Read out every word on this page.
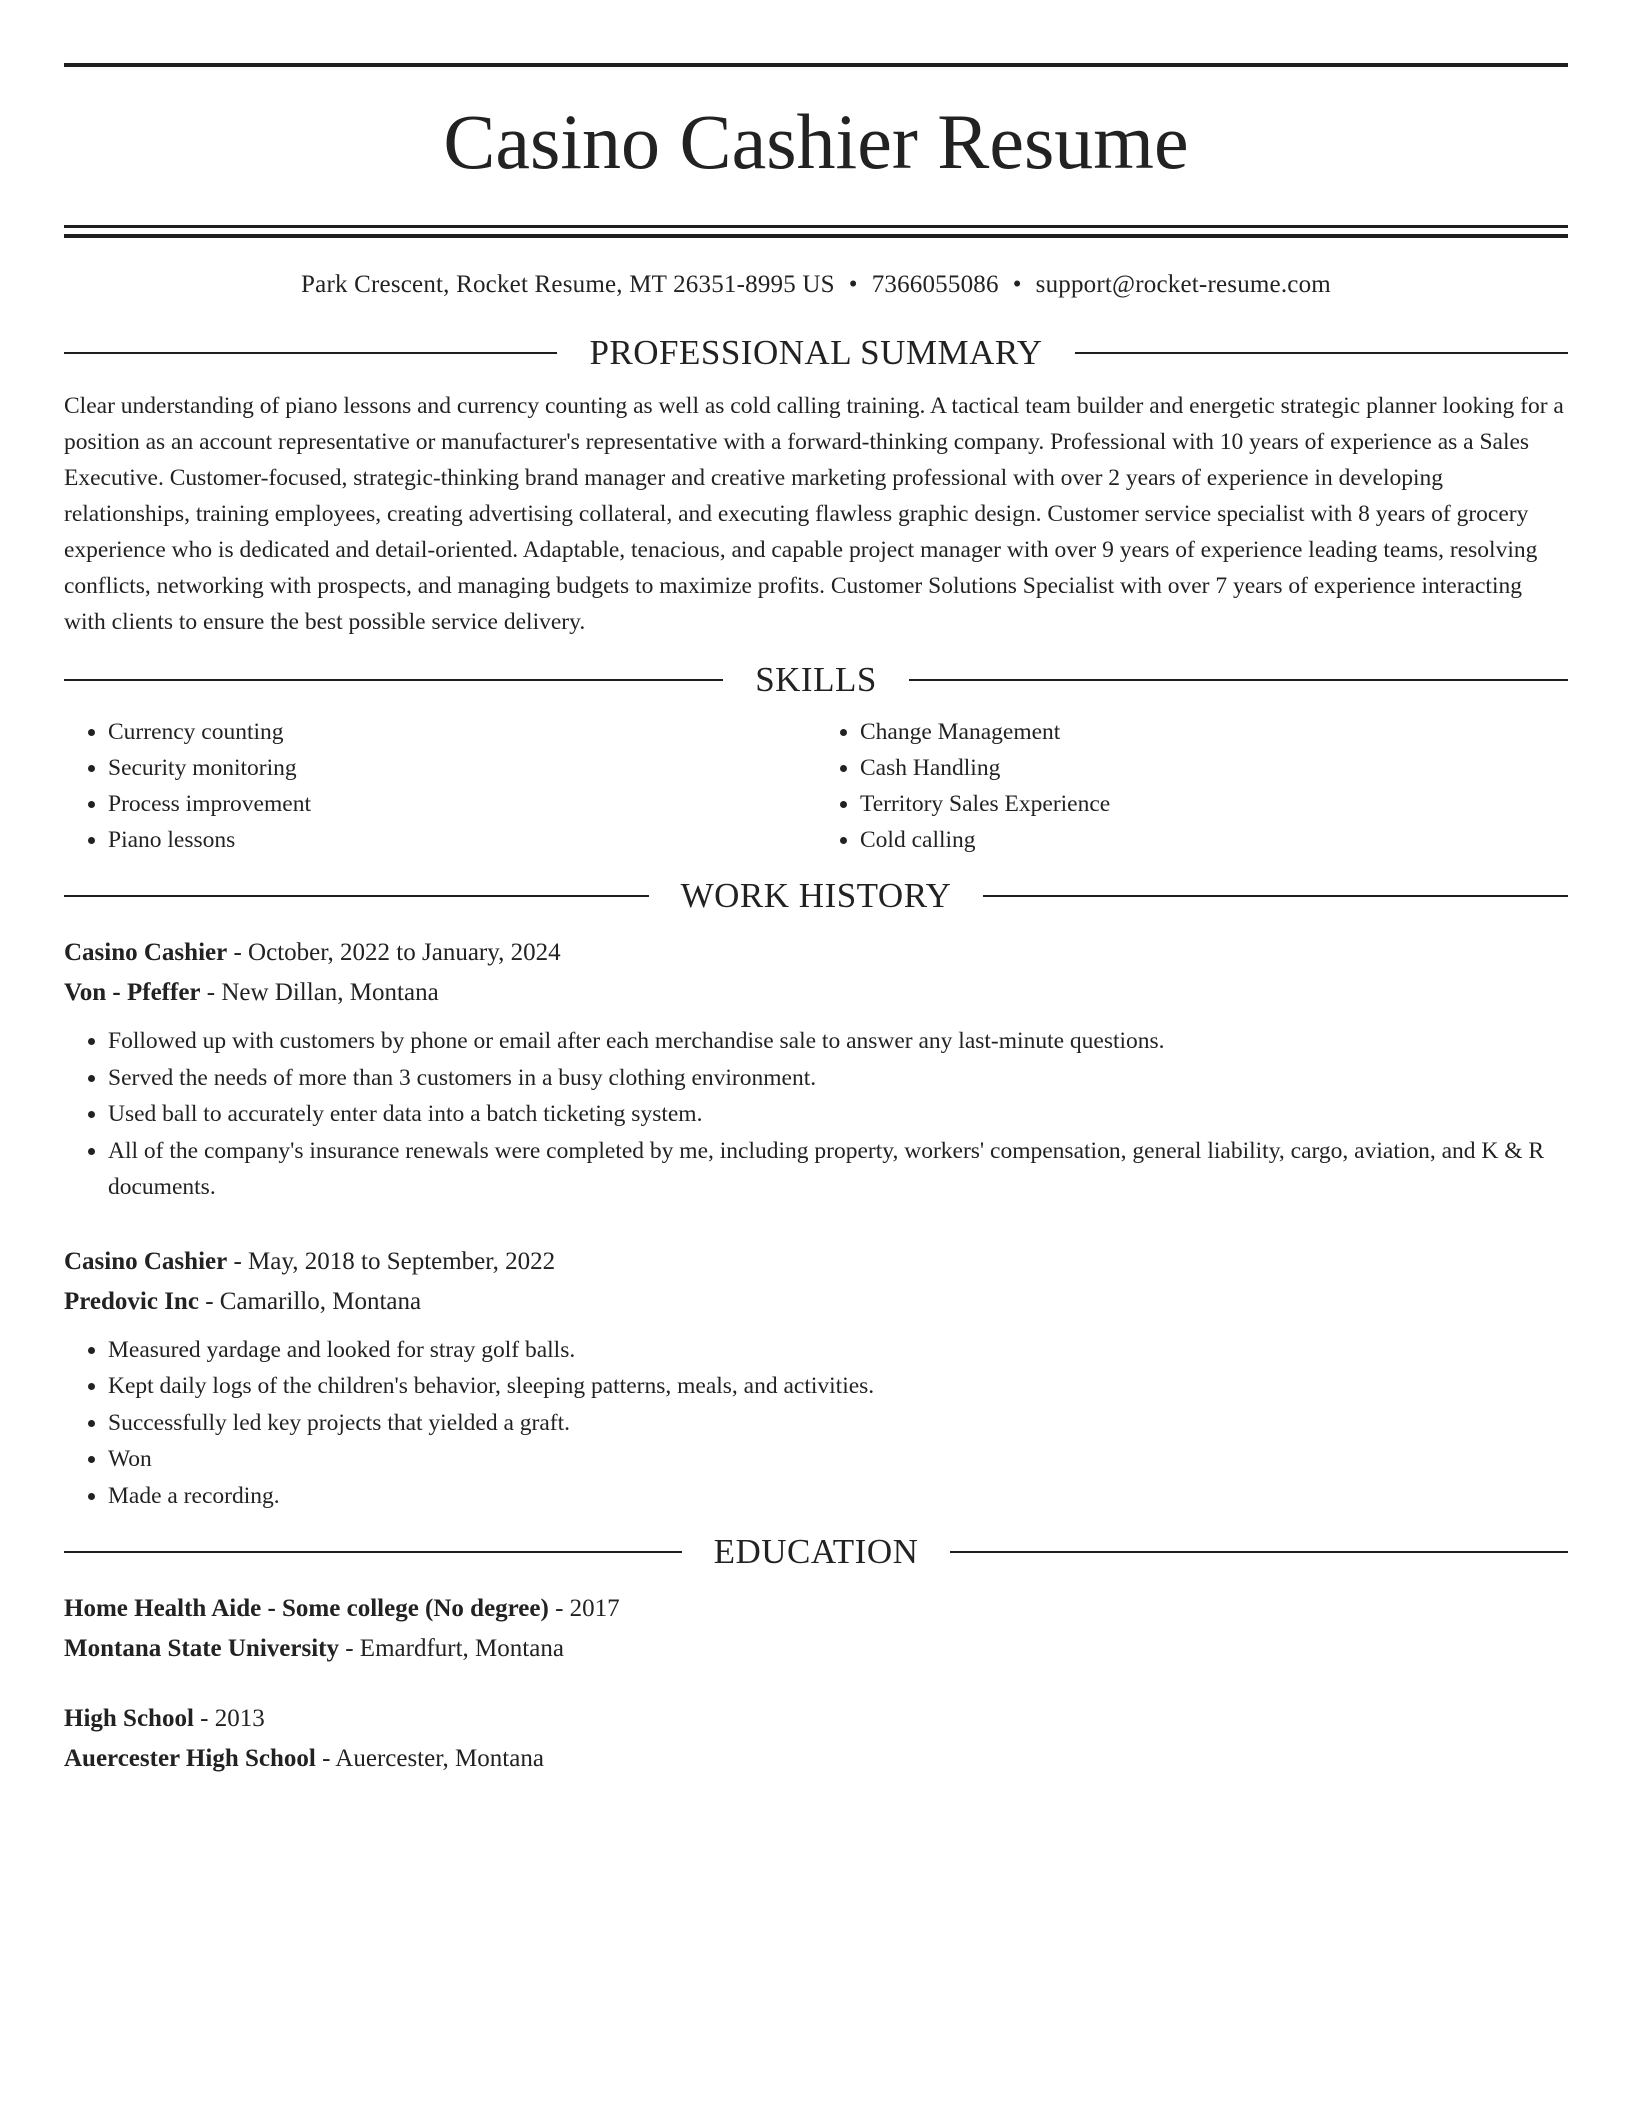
Casino Cashier Resume
Park Crescent, Rocket Resume, MT 26351-8995 US • 7366055086 • support@rocket-resume.com
PROFESSIONAL SUMMARY

Clear understanding of piano lessons and currency counting as well as cold calling training. A tactical team builder and energetic strategic planner looking for a position as an account representative or manufacturer's representative with a forward-thinking company. Professional with 10 years of experience as a Sales Executive. Customer-focused, strategic-thinking brand manager and creative marketing professional with over 2 years of experience in developing relationships, training employees, creating advertising collateral, and executing flawless graphic design. Customer service specialist with 8 years of grocery experience who is dedicated and detail-oriented. Adaptable, tenacious, and capable project manager with over 9 years of experience leading teams, resolving conflicts, networking with prospects, and managing budgets to maximize profits. Customer Solutions Specialist with over 7 years of experience interacting with clients to ensure the best possible service delivery.

SKILLS
• Currency counting
• Security monitoring
• Process improvement
• Piano lessons
• Change Management
• Cash Handling
• Territory Sales Experience
• Cold calling
WORK HISTORY
Casino Cashier - October, 2022 to January, 2024
Von - Pfeffer - New Dillan, Montana
• Followed up with customers by phone or email after each merchandise sale to answer any last-minute questions.
• Served the needs of more than 3 customers in a busy clothing environment.
• Used ball to accurately enter data into a batch ticketing system.
• All of the company's insurance renewals were completed by me, including property, workers' compensation, general liability, cargo, aviation, and K & R documents.
Casino Cashier - May, 2018 to September, 2022
Predovic Inc - Camarillo, Montana
• Measured yardage and looked for stray golf balls.
• Kept daily logs of the children's behavior, sleeping patterns, meals, and activities.
• Successfully led key projects that yielded a graft.
• Won
• Made a recording.
EDUCATION
Home Health Aide - Some college (No degree) - 2017
Montana State University - Emardfurt, Montana
High School - 2013
Auercester High School - Auercester, Montana
